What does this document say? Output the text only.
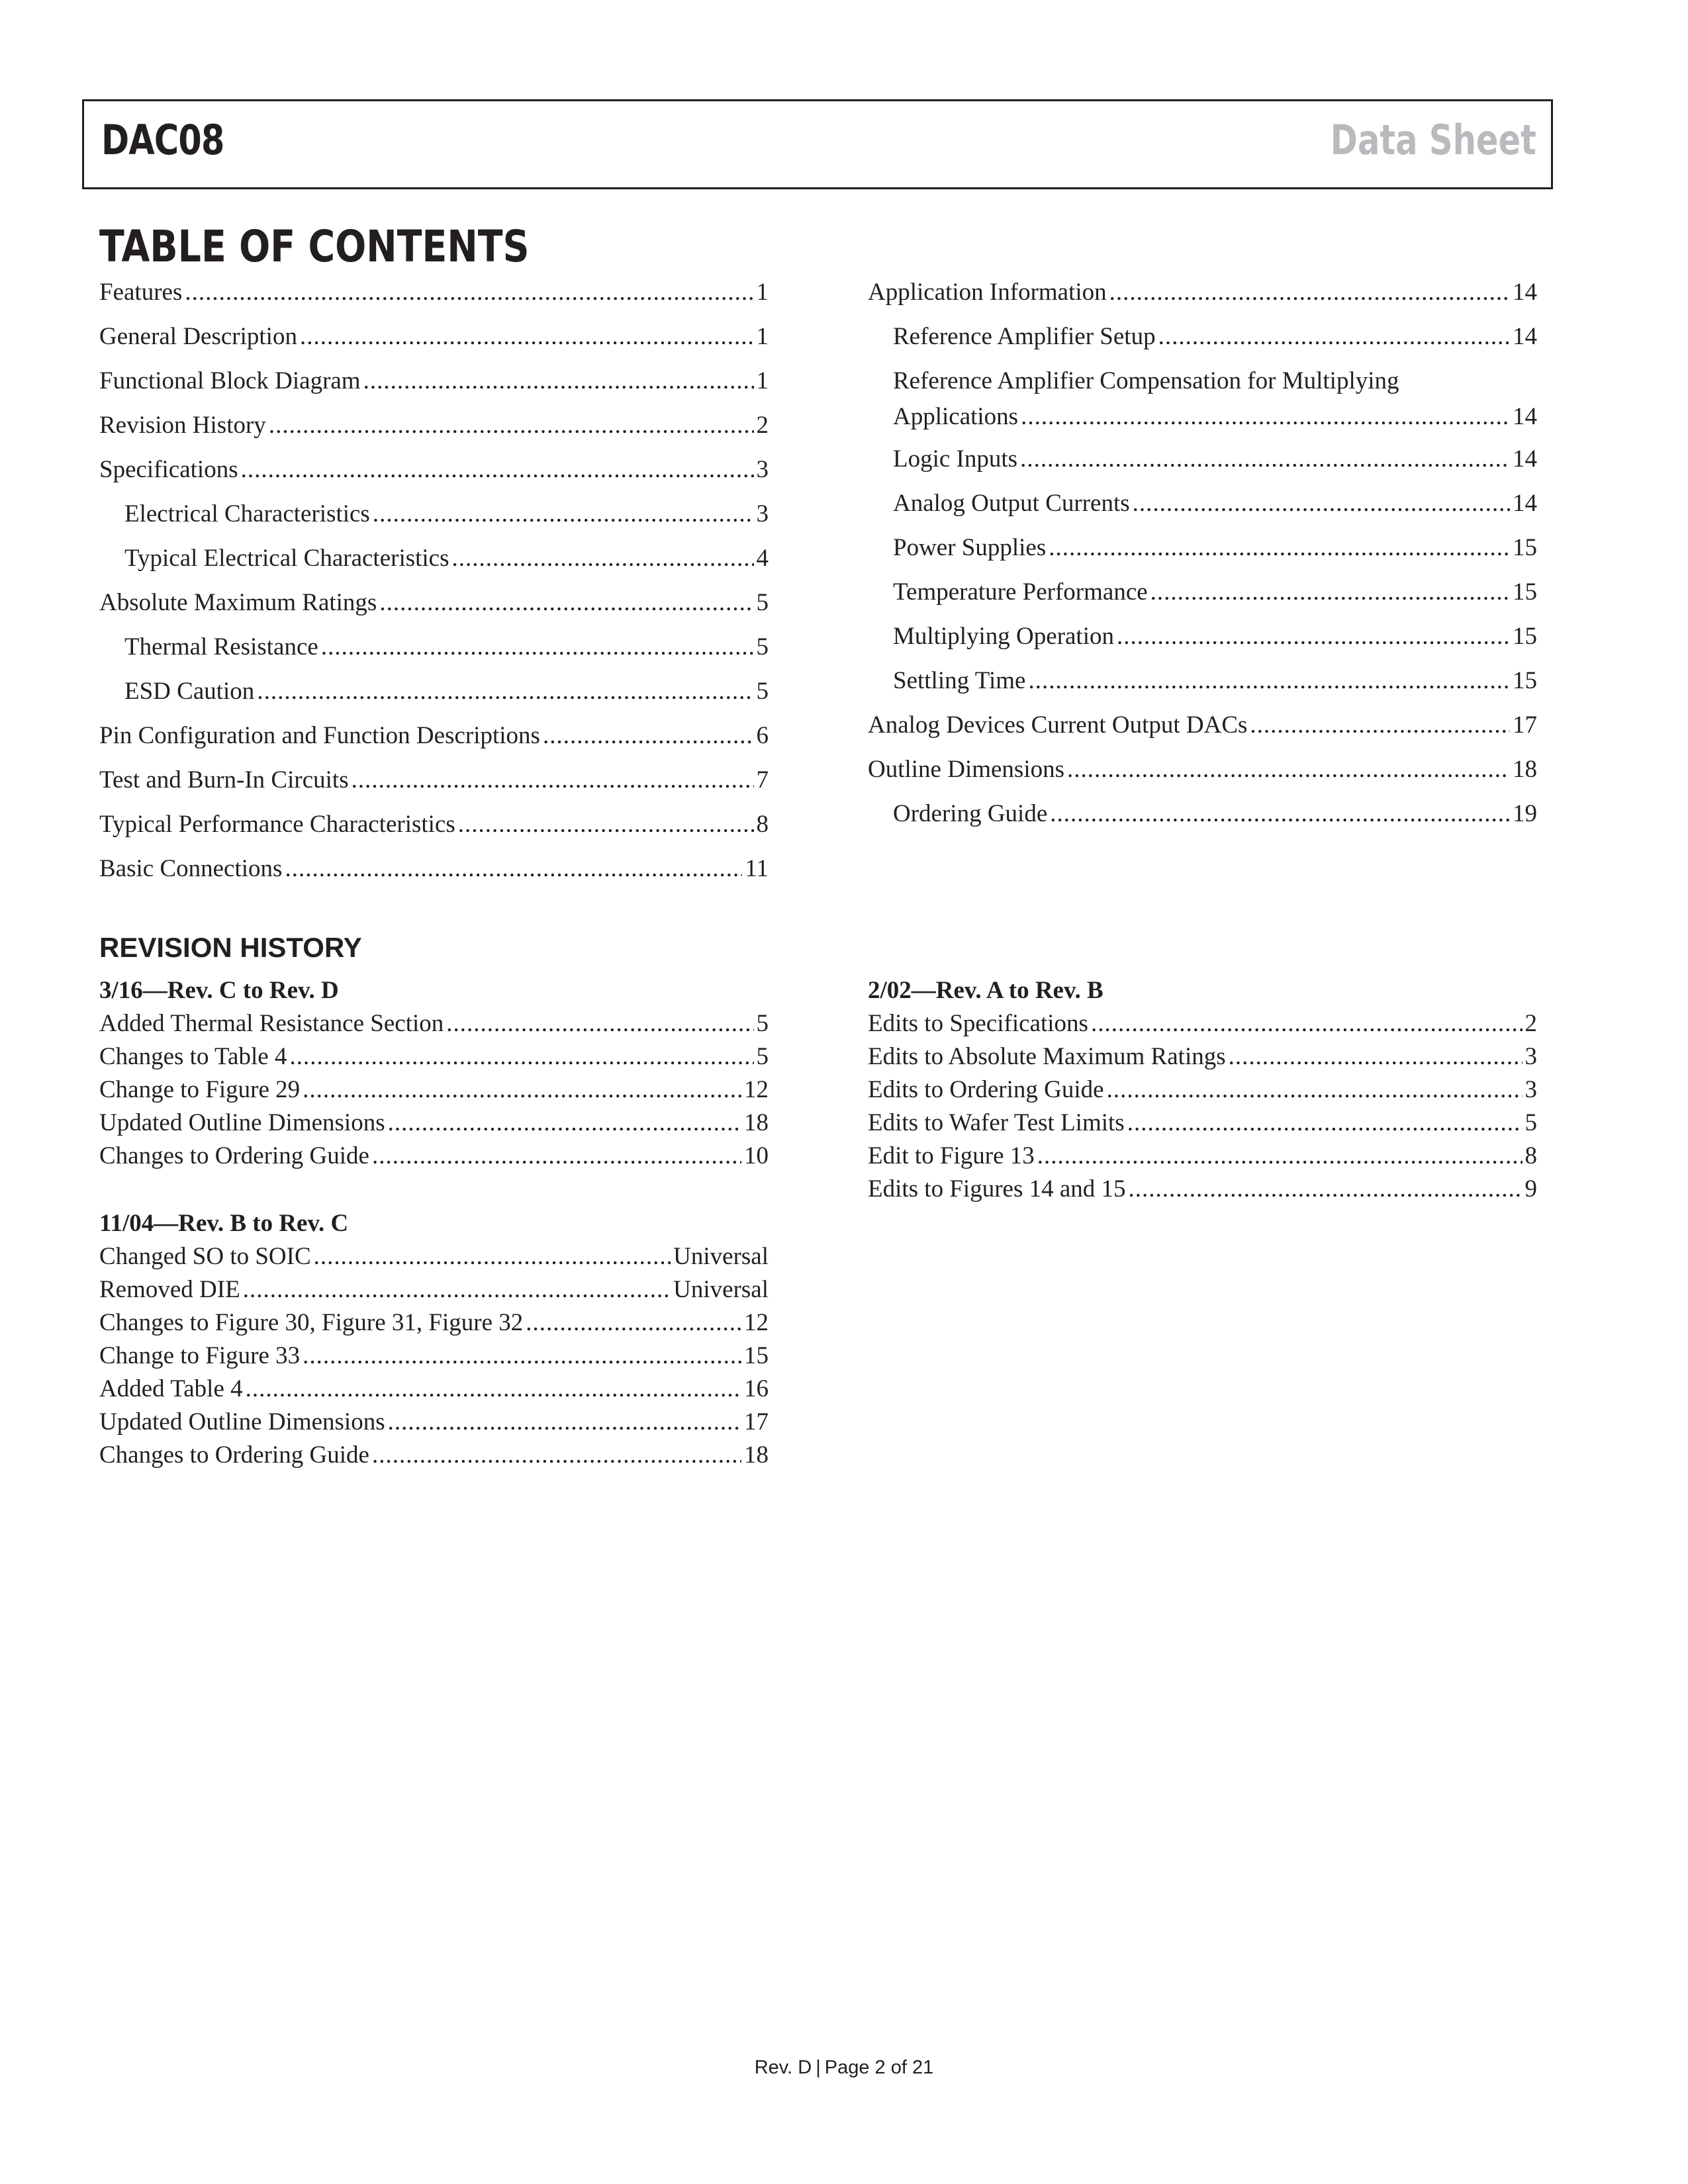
DAC08	Data Sheet
TABLE OF CONTENTS
Features .....	1
General Description .....	1
Functional Block Diagram .....	1
Revision History .....	2
Specifications .....	3
Electrical Characteristics .....	3
Typical Electrical Characteristics .....	4
Absolute Maximum Ratings .....	5
Thermal Resistance .....	5
ESD Caution .....	5
Pin Configuration and Function Descriptions .....	6
Test and Burn-In Circuits .....	7
Typical Performance Characteristics .....	8
Basic Connections .....	11
Application Information .....	14
Reference Amplifier Setup .....	14
Reference Amplifier Compensation for Multiplying
Applications .....	14
Logic Inputs .....	14
Analog Output Currents .....	14
Power Supplies .....	15
Temperature Performance .....	15
Multiplying Operation .....	15
Settling Time .....	15
Analog Devices Current Output DACs .....	17
Outline Dimensions .....	18
Ordering Guide .....	19
REVISION HISTORY
3/16—Rev. C to Rev. D
Added Thermal Resistance Section .....	5
Changes to Table 4 .....	5
Change to Figure 29 .....	12
Updated Outline Dimensions .....	18
Changes to Ordering Guide .....	10
11/04—Rev. B to Rev. C
Changed SO to SOIC .....	Universal
Removed DIE .....	Universal
Changes to Figure 30, Figure 31, Figure 32 .....	12
Change to Figure 33 .....	15
Added Table 4 .....	16
Updated Outline Dimensions .....	17
Changes to Ordering Guide .....	18
2/02—Rev. A to Rev. B
Edits to Specifications .....	2
Edits to Absolute Maximum Ratings .....	3
Edits to Ordering Guide .....	3
Edits to Wafer Test Limits .....	5
Edit to Figure 13 .....	8
Edits to Figures 14 and 15 .....	9
Rev. D | Page 2 of 21
